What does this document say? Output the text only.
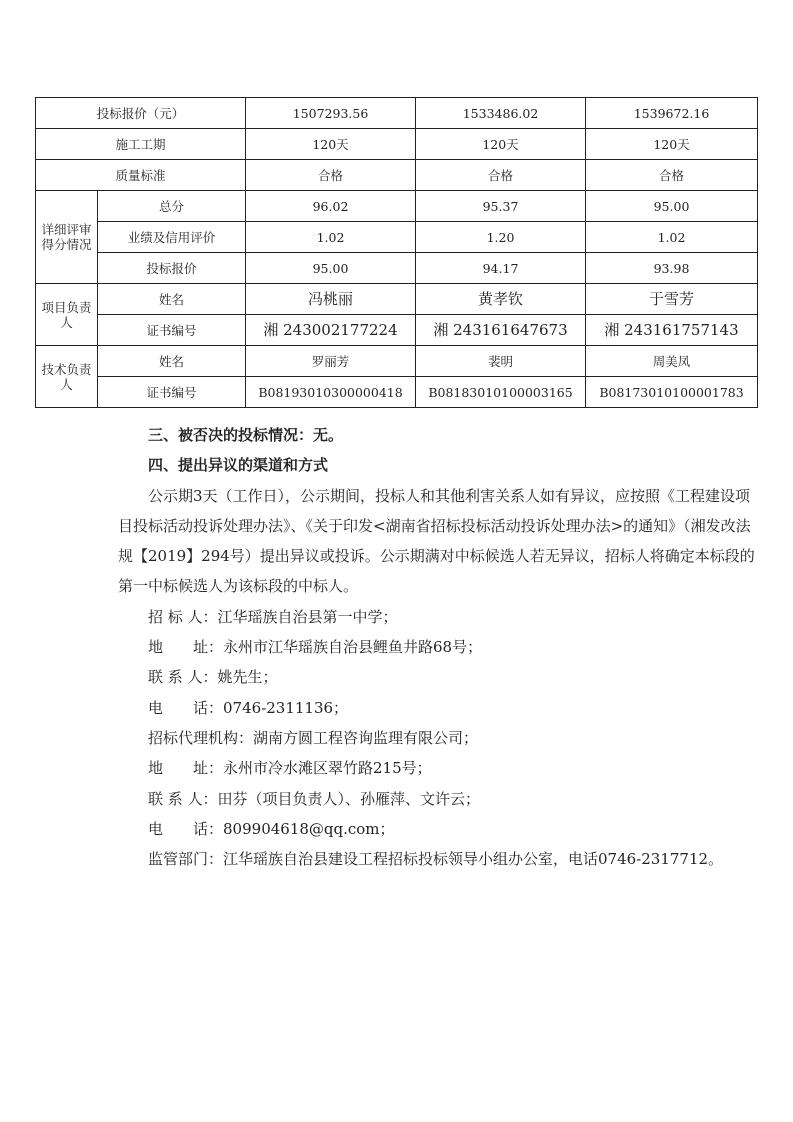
投标报价（元）		1507293.56	1533486.02	1539672.16
施工工期		120天	120天	120天
质量标准		合格	合格	合格
详细评审得分情况	总分	96.02	95.37	95.00
	业绩及信用评价	1.02	1.20	1.02
	投标报价	95.00	94.17	93.98
项目负责人	姓名	冯桃丽	黄孝钦	于雪芳
	证书编号	湘 243002177224	湘 243161647673	湘 243161757143
技术负责人	姓名	罗丽芳	裴明	周美凤
	证书编号	B08193010300000418	B08183010100003165	B08173010100001783

三、被否决的投标情况：无。

四、提出异议的渠道和方式

公示期3天（工作日），公示期间，投标人和其他利害关系人如有异议，应按照《工程建设项目投标活动投诉处理办法》、《关于印发<湖南省招标投标活动投诉处理办法>的通知》（湘发改法规【2019】294号）提出异议或投诉。公示期满对中标候选人若无异议，招标人将确定本标段的第一中标候选人为该标段的中标人。

招 标 人：江华瑶族自治县第一中学；

地　　址：永州市江华瑶族自治县鲤鱼井路68号；

联 系 人：姚先生；

电　　话：0746-2311136；

招标代理机构：湖南方圆工程咨询监理有限公司；

地　　址：永州市冷水滩区翠竹路215号；

联 系 人：田芬（项目负责人）、孙雁萍、文许云；

电　　话：809904618@qq.com；

监管部门：江华瑶族自治县建设工程招标投标领导小组办公室，电话0746-2317712。
